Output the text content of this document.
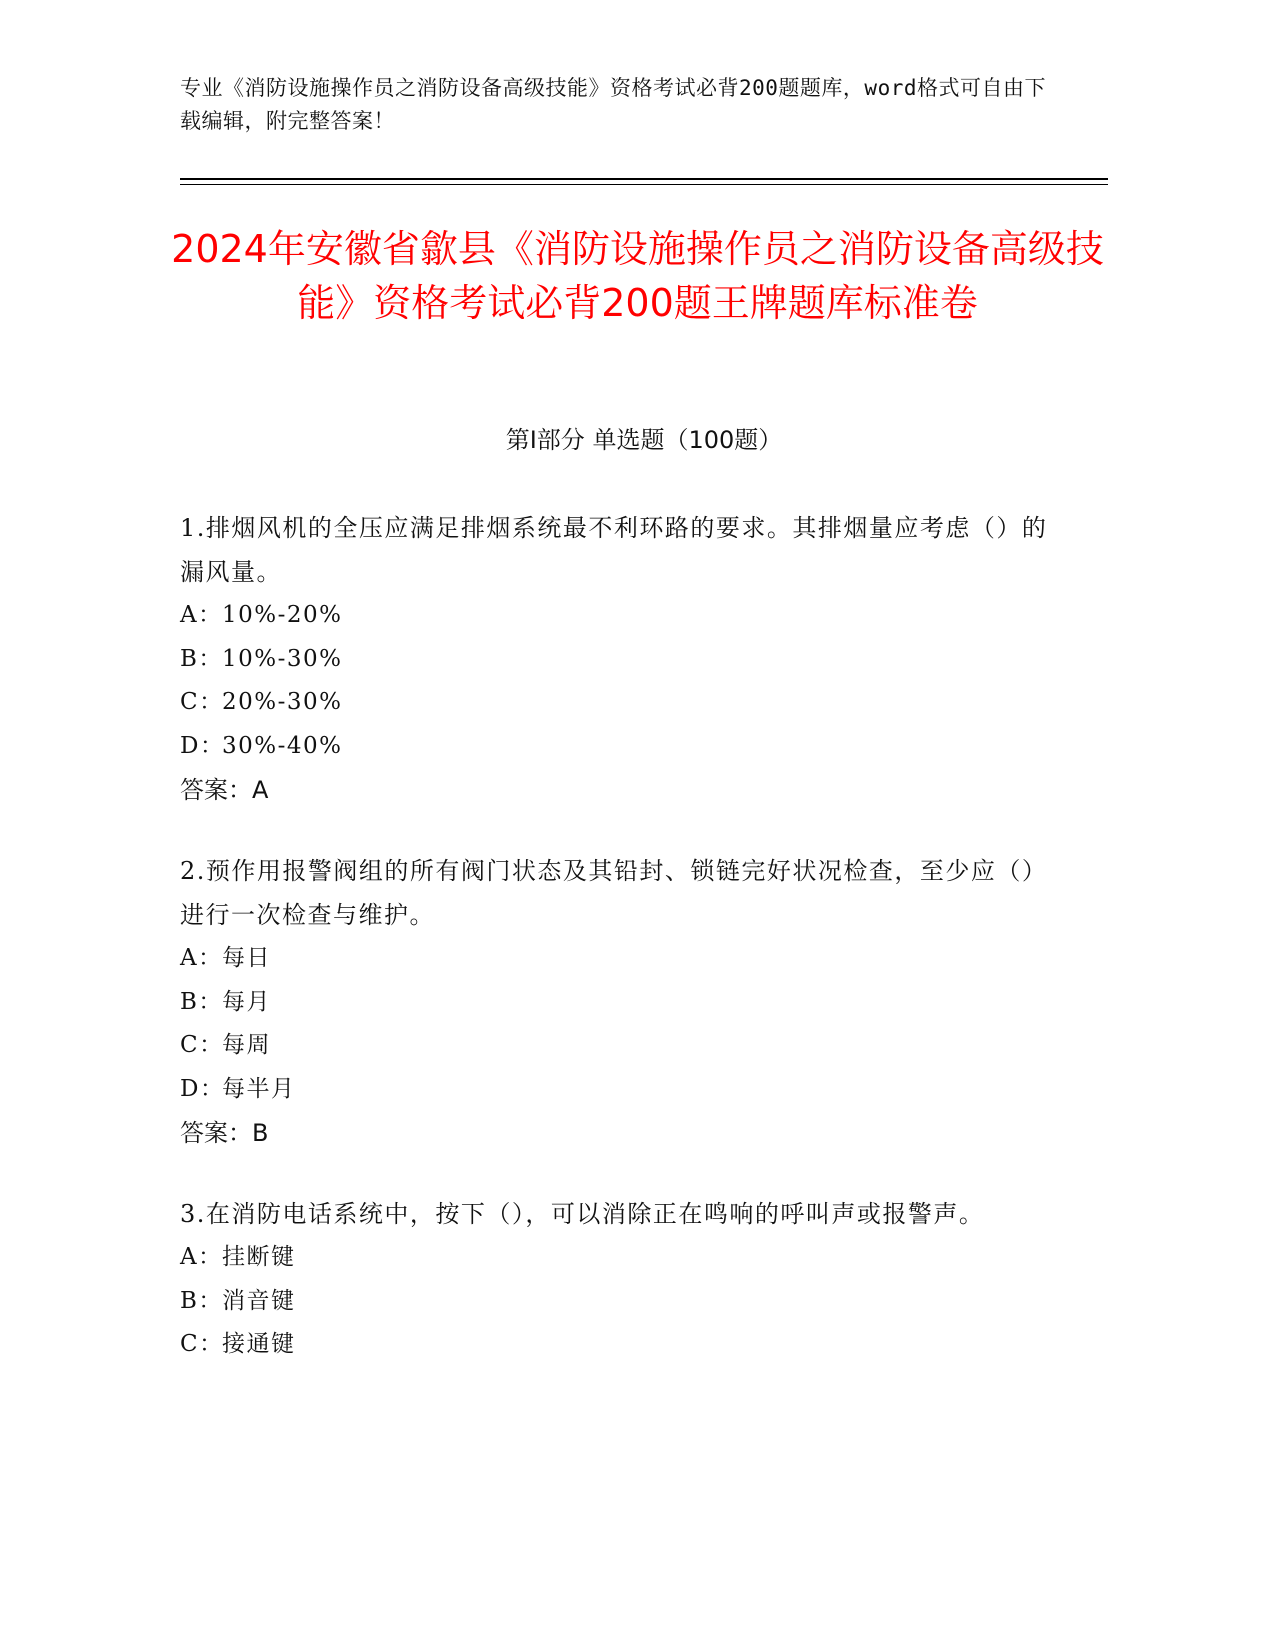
专业《消防设施操作员之消防设备高级技能》资格考试必背200题题库，word格式可自由下载编辑，附完整答案！
2024年安徽省歙县《消防设施操作员之消防设备高级技能》资格考试必背200题王牌题库标准卷
第I部分 单选题（100题）
1.排烟风机的全压应满足排烟系统最不利环路的要求。其排烟量应考虑（）的漏风量。
A：10%-20%
B：10%-30%
C：20%-30%
D：30%-40%
答案：A
2.预作用报警阀组的所有阀门状态及其铅封、锁链完好状况检查，至少应（）进行一次检查与维护。
A：每日
B：每月
C：每周
D：每半月
答案：B
3.在消防电话系统中，按下（），可以消除正在鸣响的呼叫声或报警声。
A：挂断键
B：消音键
C：接通键
